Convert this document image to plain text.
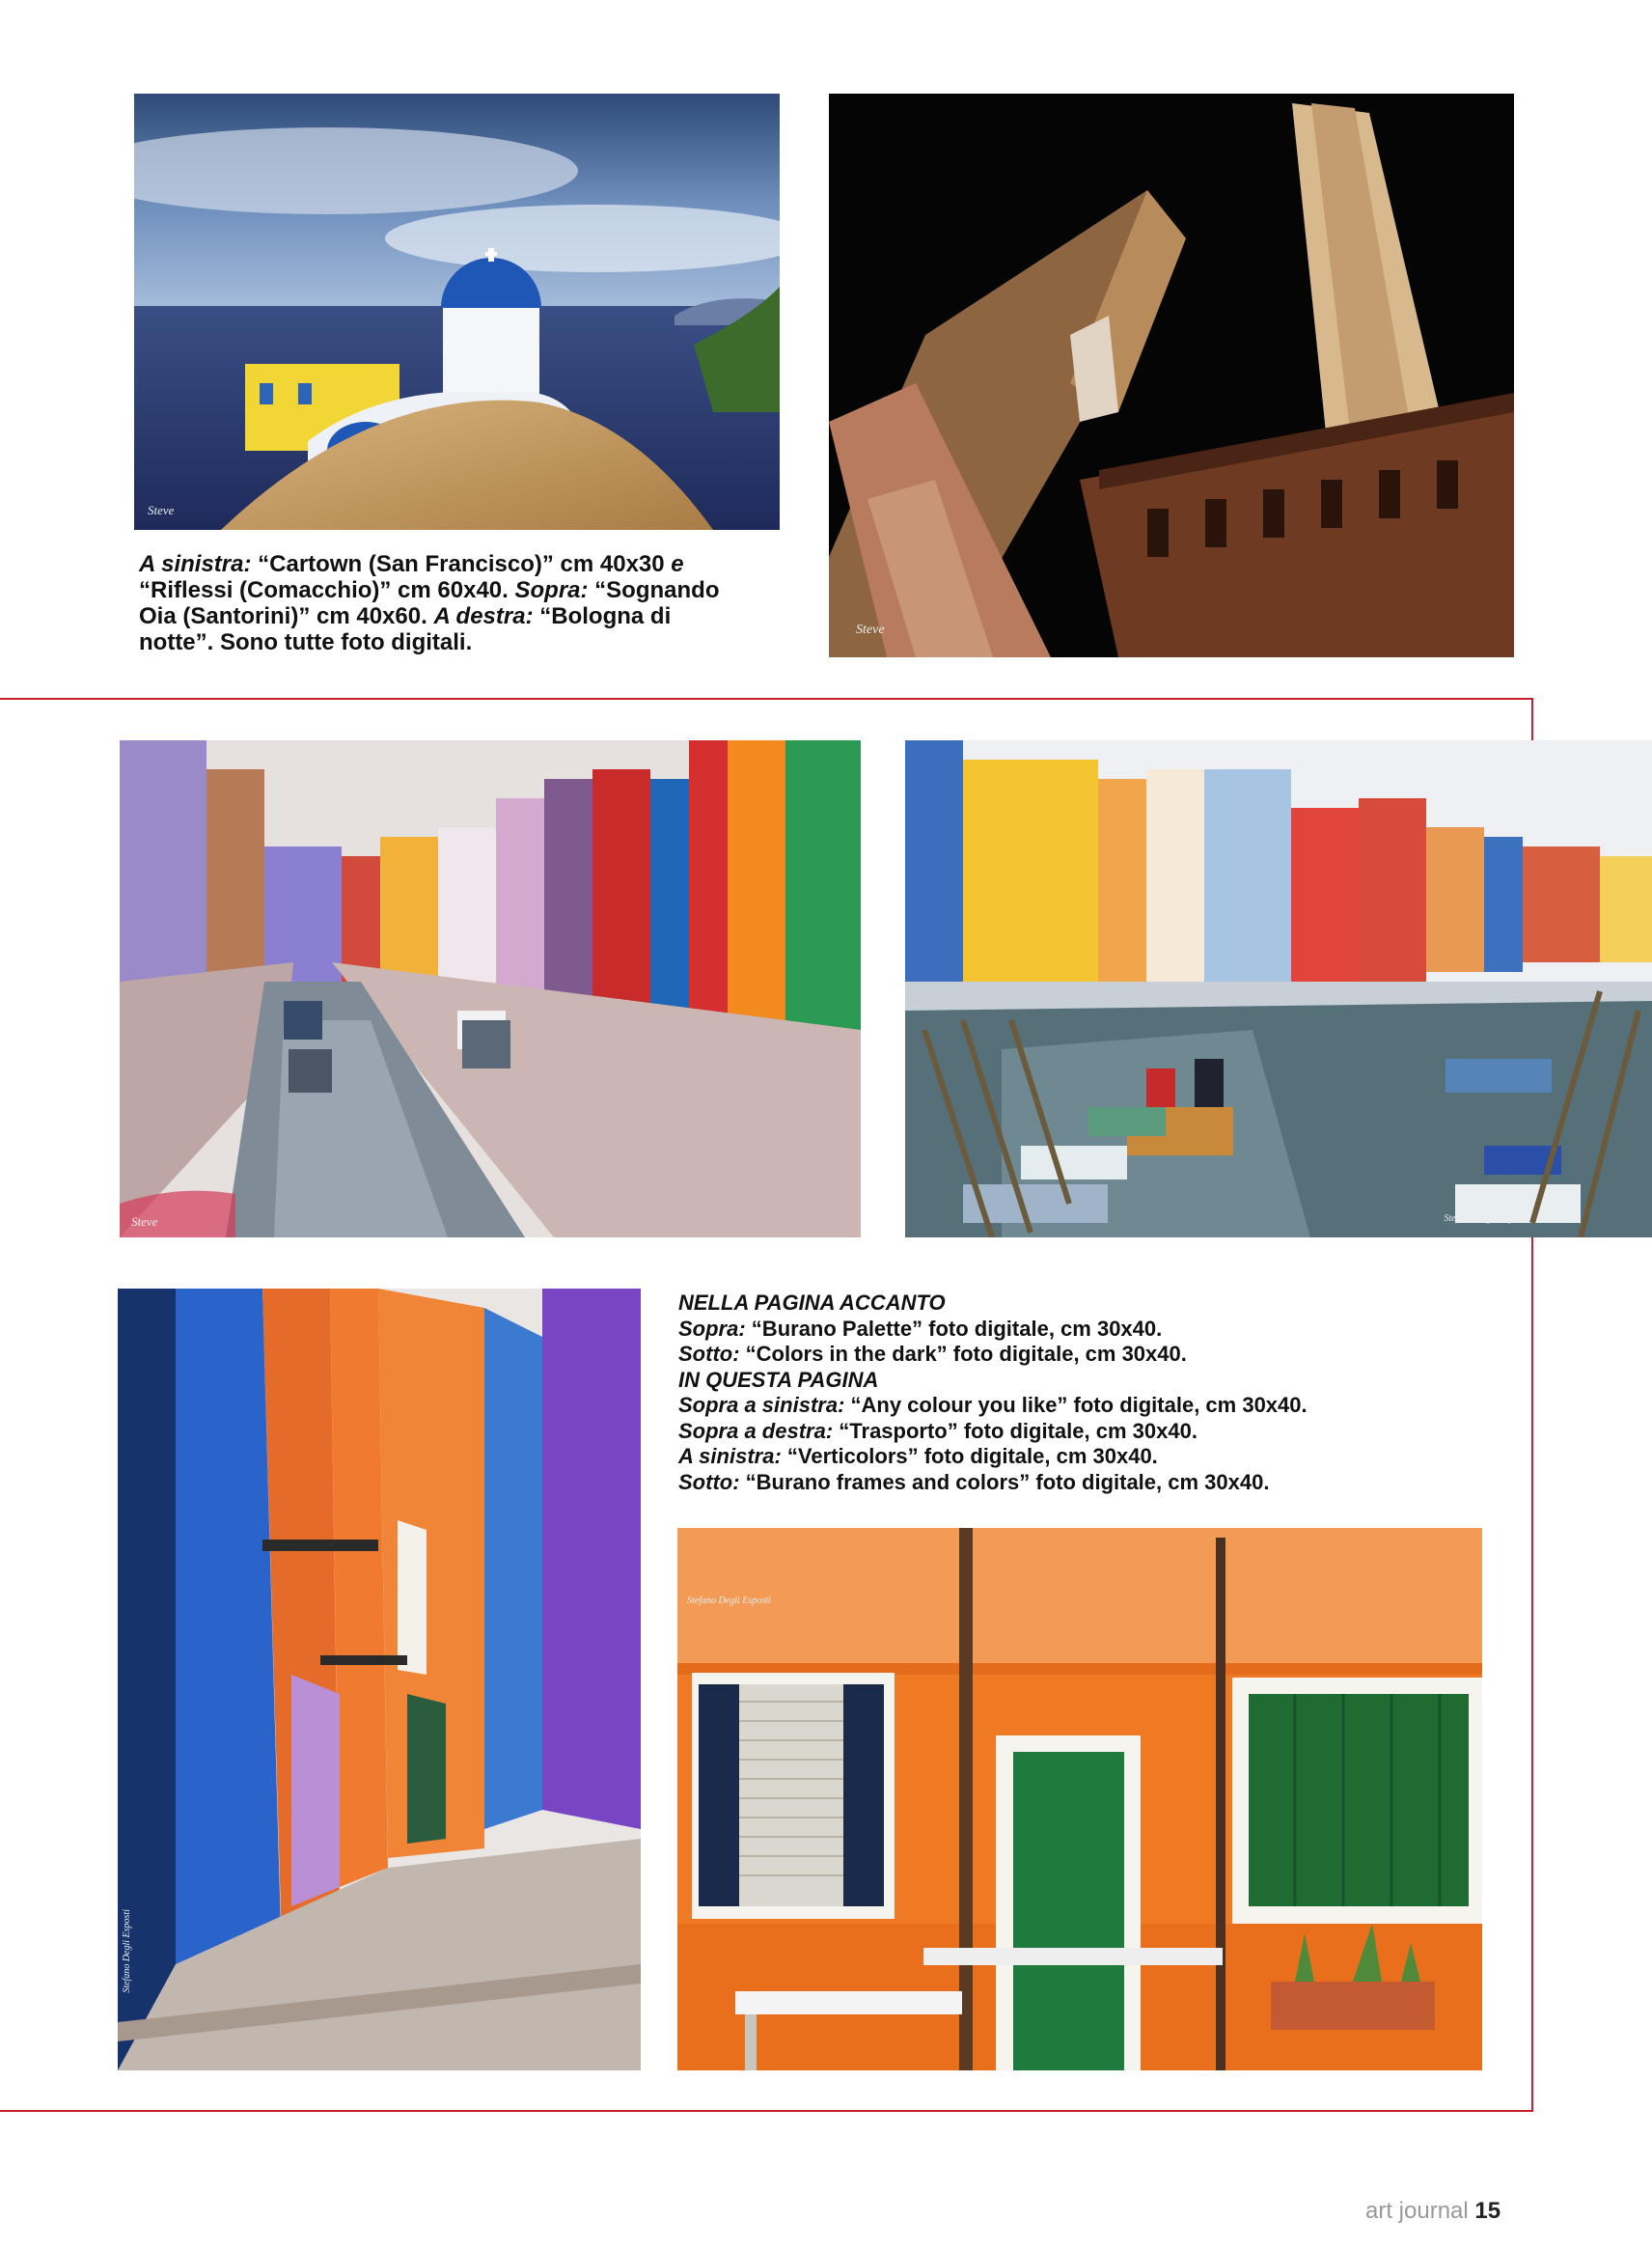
Steve
Steve

A sinistra: “Cartown (San Francisco)” cm 40x30 e

“Riflessi (Comacchio)” cm 60x40. Sopra: “Sognando

Oia (Santorini)” cm 40x60. A destra: “Bologna di

notte”. Sono tutte foto digitali.

Steve	Stefano Degli Esposti
Stefano Degli Esposti

NELLA PAGINA ACCANTO

Sopra: “Burano Palette” foto digitale, cm 30x40.

Sotto: “Colors in the dark” foto digitale, cm 30x40.

IN QUESTA PAGINA

Sopra a sinistra: “Any colour you like” foto digitale, cm 30x40.

Sopra a destra: “Trasporto” foto digitale, cm 30x40.

A sinistra: “Verticolors” foto digitale, cm 30x40.

Sotto: “Burano frames and colors” foto digitale, cm 30x40.

Stefano Degli Esposti
art journal 15
